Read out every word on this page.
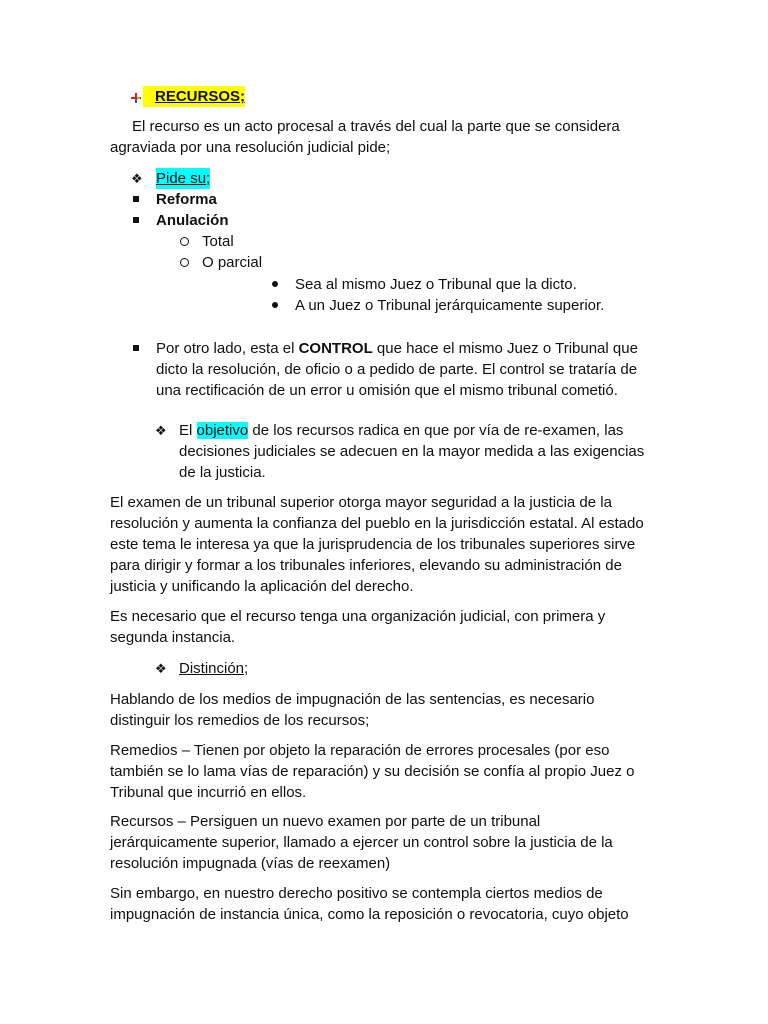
RECURSOS;

El recurso es un acto procesal a través del cual la parte que se considera agraviada por una resolución judicial pide;

❖ Pide su;
Reforma
Anulación
Total
O parcial
Sea al mismo Juez o Tribunal que la dicto.
A un Juez o Tribunal jerárquicamente superior.

Por otro lado, esta el CONTROL que hace el mismo Juez o Tribunal que dicto la resolución, de oficio o a pedido de parte. El control se trataría de una rectificación de un error u omisión que el mismo tribunal cometió.

❖ El objetivo de los recursos radica en que por vía de re-examen, las decisiones judiciales se adecuen en la mayor medida a las exigencias de la justicia.

El examen de un tribunal superior otorga mayor seguridad a la justicia de la resolución y aumenta la confianza del pueblo en la jurisdicción estatal. Al estado este tema le interesa ya que la jurisprudencia de los tribunales superiores sirve para dirigir y formar a los tribunales inferiores, elevando su administración de justicia y unificando la aplicación del derecho.

Es necesario que el recurso tenga una organización judicial, con primera y segunda instancia.

❖ Distinción;

Hablando de los medios de impugnación de las sentencias, es necesario distinguir los remedios de los recursos;

Remedios – Tienen por objeto la reparación de errores procesales (por eso también se lo lama vías de reparación) y su decisión se confía al propio Juez o Tribunal que incurrió en ellos.

Recursos – Persiguen un nuevo examen por parte de un tribunal jerárquicamente superior, llamado a ejercer un control sobre la justicia de la resolución impugnada (vías de reexamen)

Sin embargo, en nuestro derecho positivo se contempla ciertos medios de impugnación de instancia única, como la reposición o revocatoria, cuyo objeto
